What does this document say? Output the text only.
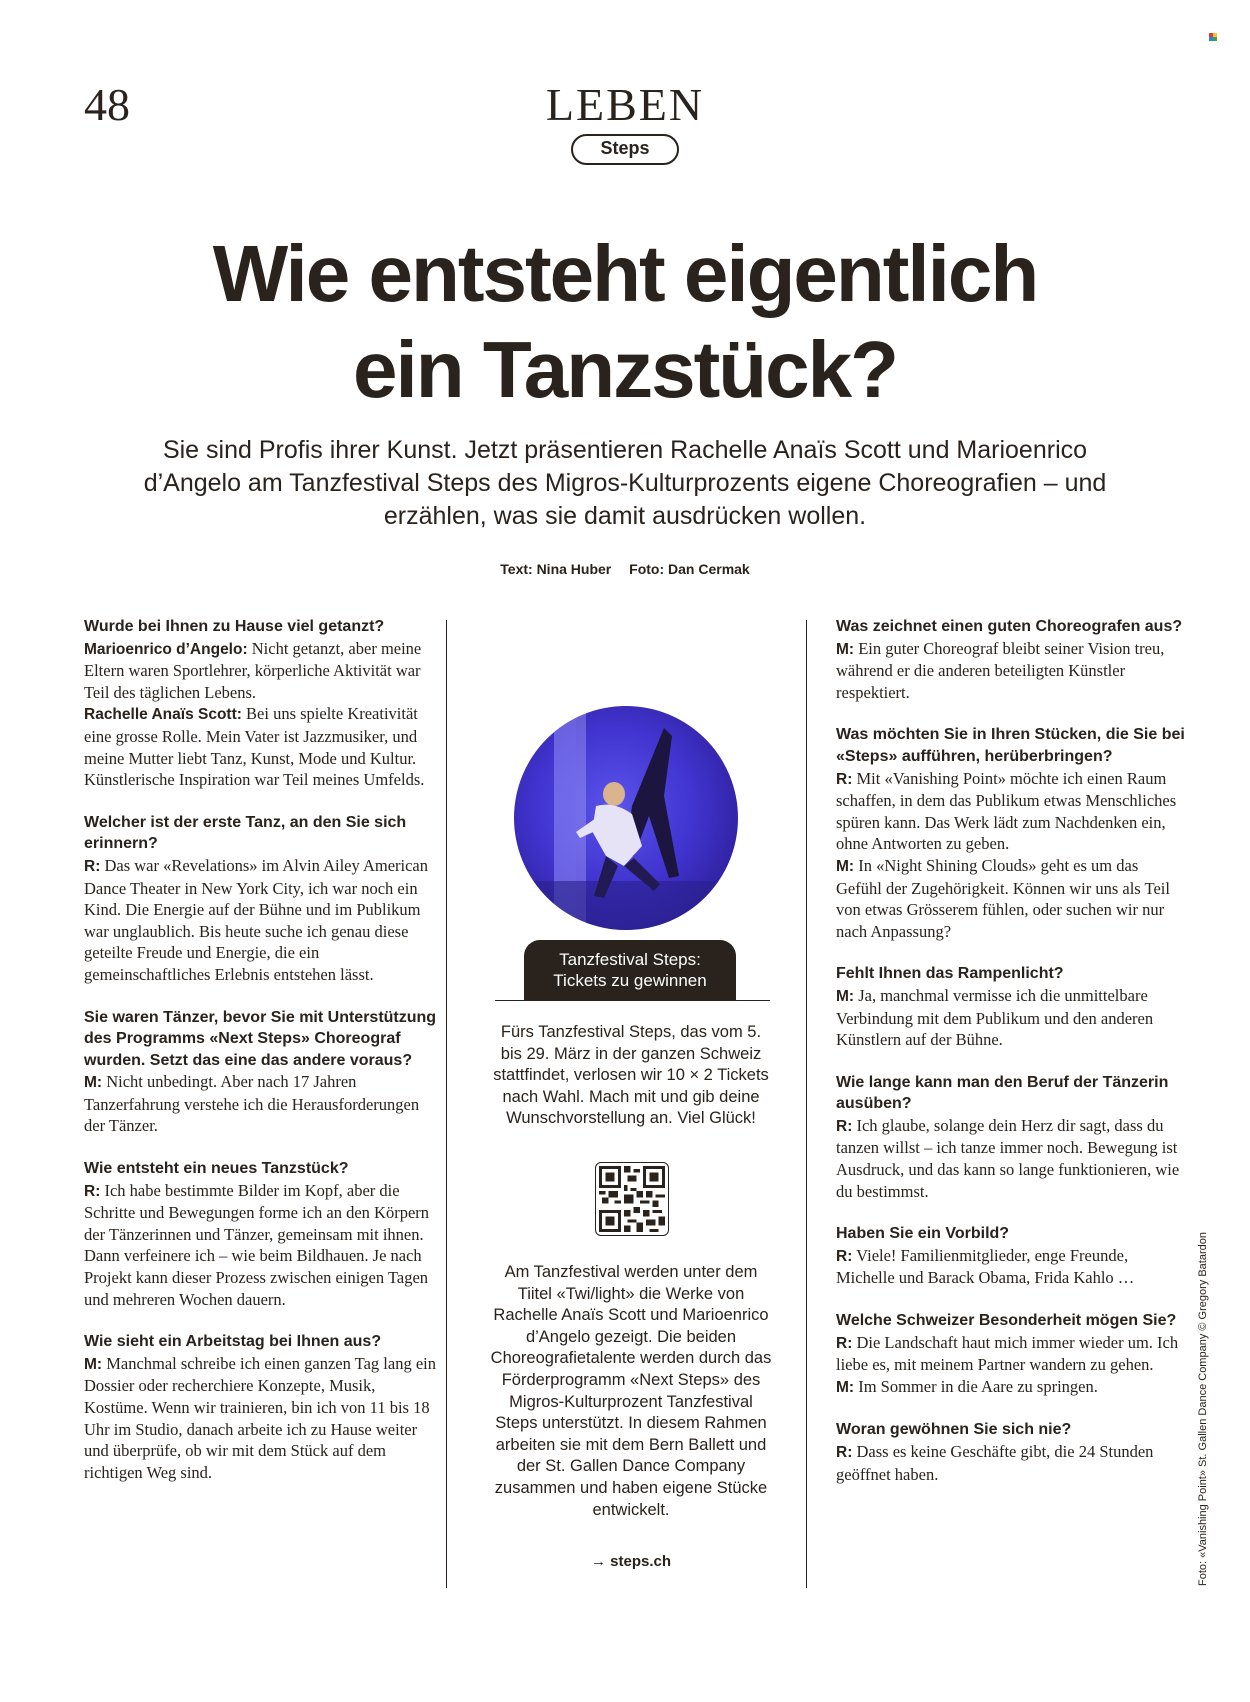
48	LEBEN
Steps
Wie entsteht eigentlich
ein Tanzstück?

Sie sind Profis ihrer Kunst. Jetzt präsentieren Rachelle Anaïs Scott und Marioenrico d’Angelo am Tanzfestival Steps des Migros-Kulturprozents eigene Choreografien – und erzählen, was sie damit ausdrücken wollen.

Text: Nina Huber Foto: Dan Cermak
Wurde bei Ihnen zu Hause viel getanzt?

Marioenrico d’Angelo: Nicht getanzt, aber meine Eltern waren Sportlehrer, körperliche Aktivität war Teil des täglichen Lebens.

Rachelle Anaïs Scott: Bei uns spielte Kreativität eine grosse Rolle. Mein Vater ist Jazzmusiker, und meine Mutter liebt Tanz, Kunst, Mode und Kultur. Künstlerische Inspiration war Teil meines Umfelds.

Welcher ist der erste Tanz, an den Sie sich erinnern?

R: Das war «Revelations» im Alvin Ailey American Dance Theater in New York City, ich war noch ein Kind. Die Energie auf der Bühne und im Publikum war unglaublich. Bis heute suche ich genau diese geteilte Freude und Energie, die ein gemeinschaftliches Erlebnis entstehen lässt.

Sie waren Tänzer, bevor Sie mit Unterstützung des Programms «Next Steps» Choreograf wurden. Setzt das eine das andere voraus?

M: Nicht unbedingt. Aber nach 17 Jahren Tanzerfahrung verstehe ich die Herausforderungen der Tänzer.

Wie entsteht ein neues Tanzstück?

R: Ich habe bestimmte Bilder im Kopf, aber die Schritte und Bewegungen forme ich an den Körpern der Tänzerinnen und Tänzer, gemeinsam mit ihnen. Dann verfeinere ich – wie beim Bildhauen. Je nach Projekt kann dieser Prozess zwischen einigen Tagen und mehreren Wochen dauern.

Wie sieht ein Arbeitstag bei Ihnen aus?

M: Manchmal schreibe ich einen ganzen Tag lang ein Dossier oder recherchiere Konzepte, Musik, Kostüme. Wenn wir trainieren, bin ich von 11 bis 18 Uhr im Studio, danach arbeite ich zu Hause weiter und überprüfe, ob wir mit dem Stück auf dem richtigen Weg sind.

Tanzfestival Steps:
Tickets zu gewinnen
Fürs Tanzfestival Steps, das vom 5. bis 29. März in der ganzen Schweiz stattfindet, verlosen wir 10 × 2 Tickets nach Wahl. Mach mit und gib deine Wunschvorstellung an. Viel Glück!
Am Tanzfestival werden unter dem Tiitel «Twi/light» die Werke von Rachelle Anaïs Scott und Marioenrico d’Angelo gezeigt. Die beiden Choreografietalente werden durch das Förderprogramm «Next Steps» des Migros-Kulturprozent Tanzfestival Steps unterstützt. In diesem Rahmen arbeiten sie mit dem Bern Ballett und der St. Gallen Dance Company zusammen und haben eigene Stücke entwickelt.
→ steps.ch
Was zeichnet einen guten Choreografen aus?

M: Ein guter Choreograf bleibt seiner Vision treu, während er die anderen beteiligten Künstler respektiert.

Was möchten Sie in Ihren Stücken, die Sie bei «Steps» aufführen, herüberbringen?

R: Mit «Vanishing Point» möchte ich einen Raum schaffen, in dem das Publikum etwas Menschliches spüren kann. Das Werk lädt zum Nachdenken ein, ohne Antworten zu geben.

M: In «Night Shining Clouds» geht es um das Gefühl der Zugehörigkeit. Können wir uns als Teil von etwas Grösserem fühlen, oder suchen wir nur nach Anpassung?

Fehlt Ihnen das Rampenlicht?

M: Ja, manchmal vermisse ich die unmittelbare Verbindung mit dem Publikum und den anderen Künstlern auf der Bühne.

Wie lange kann man den Beruf der Tänzerin ausüben?

R: Ich glaube, solange dein Herz dir sagt, dass du tanzen willst – ich tanze immer noch. Bewegung ist Ausdruck, und das kann so lange funktionieren, wie du bestimmst.

Haben Sie ein Vorbild?

R: Viele! Familienmitglieder, enge Freunde, Michelle und Barack Obama, Frida Kahlo …

Welche Schweizer Besonderheit mögen Sie?

R: Die Landschaft haut mich immer wieder um. Ich liebe es, mit meinem Partner wandern zu gehen.

M: Im Sommer in die Aare zu springen.

Woran gewöhnen Sie sich nie?

R: Dass es keine Geschäfte gibt, die 24 Stunden geöffnet haben.	Foto: «Vanishing Point» St. Gallen Dance Company © Gregory Batardon
